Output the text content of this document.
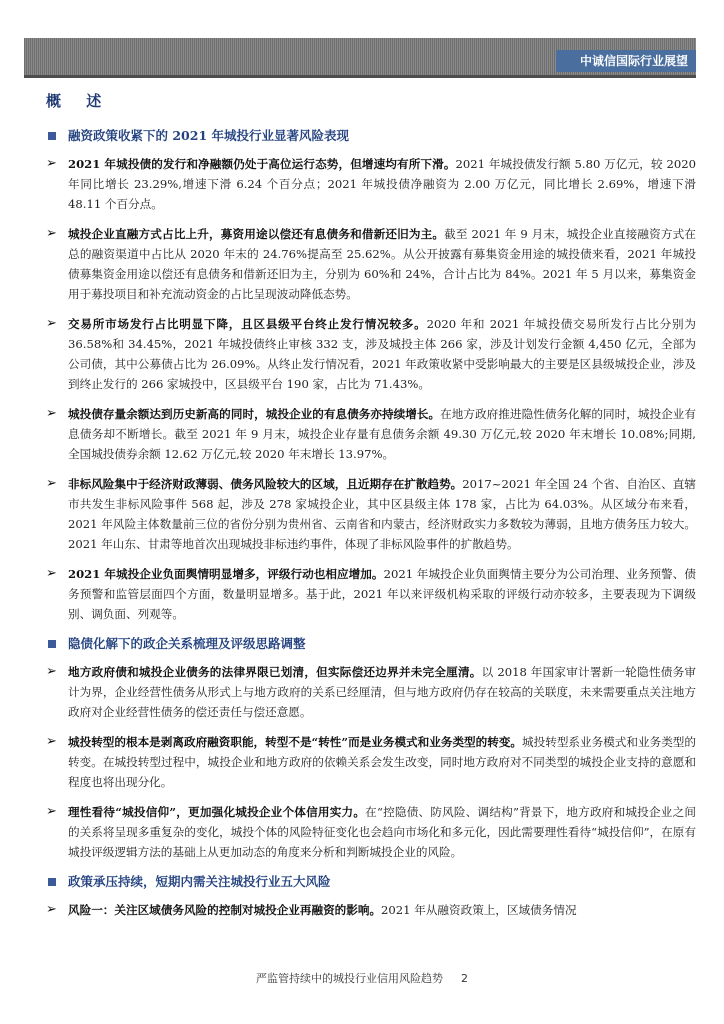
中诚信国际行业展望
概 述
融资政策收紧下的 2021 年城投行业显著风险表现
➢ 2021 年城投债的发行和净融额仍处于高位运行态势，但增速均有所下滑。2021 年城投债发行额 5.80 万亿元，较 2020 年同比增长 23.29%,增速下滑 6.24 个百分点；2021 年城投债净融资为 2.00 万亿元，同比增长 2.69%，增速下滑 48.11 个百分点。
➢ 城投企业直融方式占比上升，募资用途以偿还有息债务和借新还旧为主。截至 2021 年 9 月末，城投企业直接融资方式在总的融资渠道中占比从 2020 年末的 24.76%提高至 25.62%。从公开披露有募集资金用途的城投债来看，2021 年城投债募集资金用途以偿还有息债务和借新还旧为主，分别为 60%和 24%，合计占比为 84%。2021 年 5 月以来，募集资金用于募投项目和补充流动资金的占比呈现波动降低态势。
➢ 交易所市场发行占比明显下降，且区县级平台终止发行情况较多。2020 年和 2021 年城投债交易所发行占比分别为 36.58%和 34.45%，2021 年城投债终止审核 332 支，涉及城投主体 266 家，涉及计划发行金额 4,450 亿元，全部为公司债，其中公募债占比为 26.09%。从终止发行情况看，2021 年政策收紧中受影响最大的主要是区县级城投企业，涉及到终止发行的 266 家城投中，区县级平台 190 家，占比为 71.43%。
➢ 城投债存量余额达到历史新高的同时，城投企业的有息债务亦持续增长。在地方政府推进隐性债务化解的同时，城投企业有息债务却不断增长。截至 2021 年 9 月末，城投企业存量有息债务余额 49.30 万亿元,较 2020 年末增长 10.08%;同期,全国城投债券余额 12.62 万亿元,较 2020 年末增长 13.97%。
➢ 非标风险集中于经济财政薄弱、债务风险较大的区域，且近期存在扩散趋势。2017~2021 年全国 24 个省、自治区、直辖市共发生非标风险事件 568 起，涉及 278 家城投企业，其中区县级主体 178 家，占比为 64.03%。从区域分布来看，2021 年风险主体数量前三位的省份分别为贵州省、云南省和内蒙古，经济财政实力多数较为薄弱，且地方债务压力较大。2021 年山东、甘肃等地首次出现城投非标违约事件，体现了非标风险事件的扩散趋势。
➢ 2021 年城投企业负面舆情明显增多，评级行动也相应增加。2021 年城投企业负面舆情主要分为公司治理、业务预警、债务预警和监管层面四个方面，数量明显增多。基于此，2021 年以来评级机构采取的评级行动亦较多，主要表现为下调级别、调负面、列观等。
隐债化解下的政企关系梳理及评级思路调整
➢ 地方政府债和城投企业债务的法律界限已划清，但实际偿还边界并未完全厘清。以 2018 年国家审计署新一轮隐性债务审计为界，企业经营性债务从形式上与地方政府的关系已经厘清，但与地方政府仍存在较高的关联度，未来需要重点关注地方政府对企业经营性债务的偿还责任与偿还意愿。
➢ 城投转型的根本是剥离政府融资职能，转型不是“转性”而是业务模式和业务类型的转变。城投转型系业务模式和业务类型的转变。在城投转型过程中，城投企业和地方政府的依赖关系会发生改变，同时地方政府对不同类型的城投企业支持的意愿和程度也将出现分化。
➢ 理性看待“城投信仰”，更加强化城投企业个体信用实力。在“控隐债、防风险、调结构”背景下，地方政府和城投企业之间的关系将呈现多重复杂的变化，城投个体的风险特征变化也会趋向市场化和多元化，因此需要理性看待“城投信仰”，在原有城投评级逻辑方法的基础上从更加动态的角度来分析和判断城投企业的风险。
政策承压持续，短期内需关注城投行业五大风险
➢ 风险一：关注区域债务风险的控制对城投企业再融资的影响。2021 年从融资政策上，区域债务情况
严监管持续中的城投行业信用风险趋势 2
